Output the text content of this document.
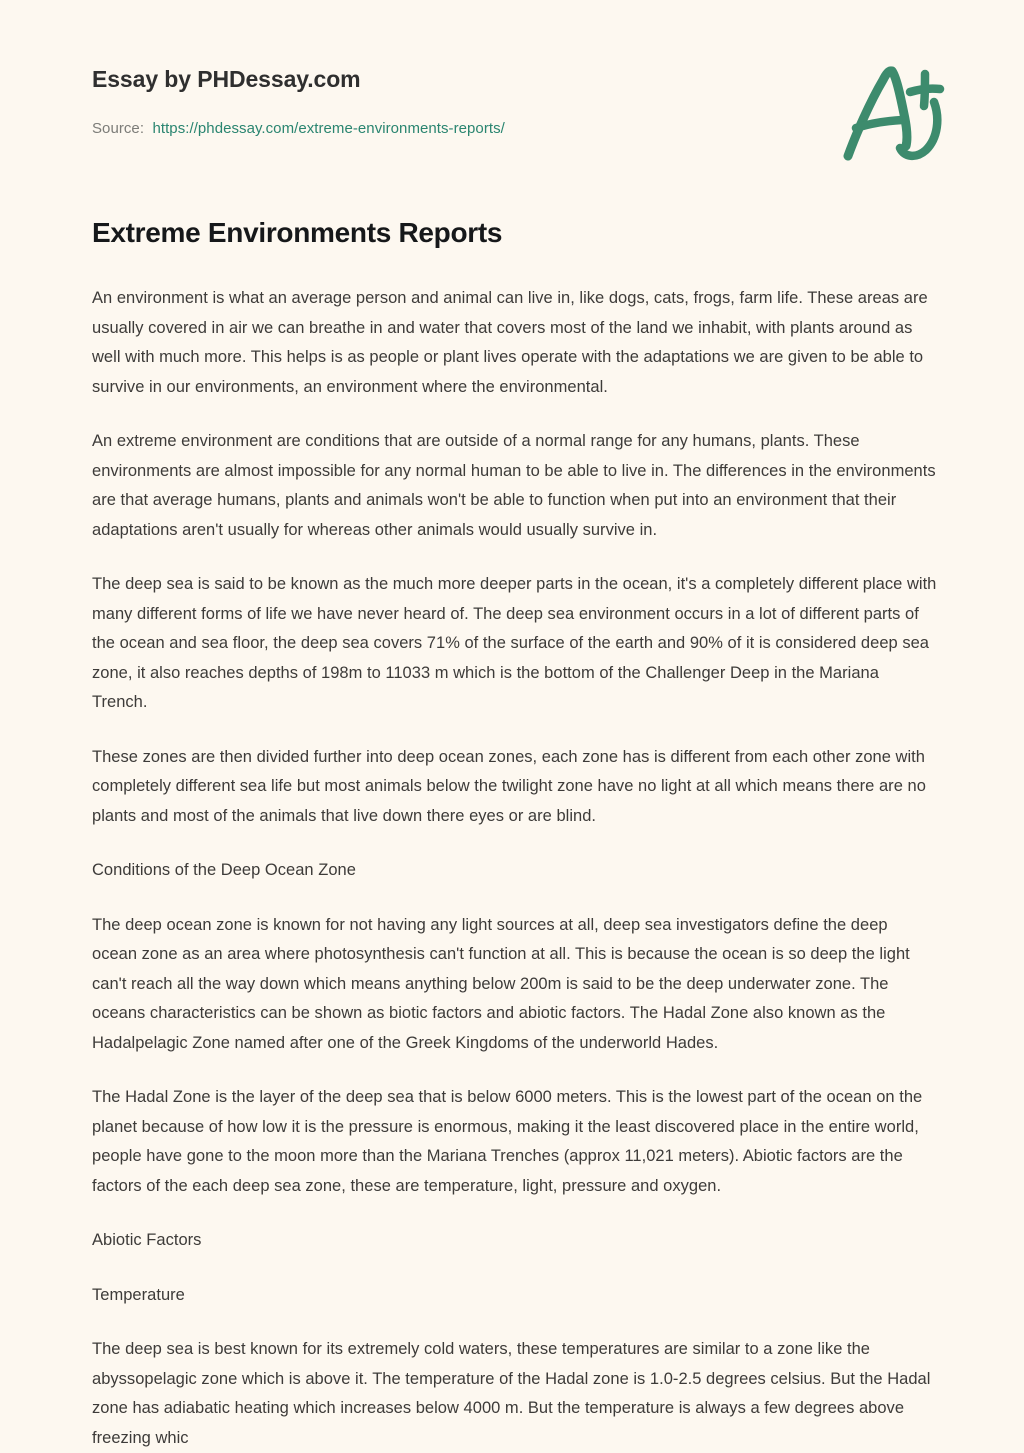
Essay by PHDessay.com
Source: https://phdessay.com/extreme-environments-reports/
Extreme Environments Reports

An environment is what an average person and animal can live in, like dogs, cats, frogs, farm life. These areas are usually covered in air we can breathe in and water that covers most of the land we inhabit, with plants around as well with much more. This helps is as people or plant lives operate with the adaptations we are given to be able to survive in our environments, an environment where the environmental.

An extreme environment are conditions that are outside of a normal range for any humans, plants. These environments are almost impossible for any normal human to be able to live in. The differences in the environments are that average humans, plants and animals won't be able to function when put into an environment that their adaptations aren't usually for whereas other animals would usually survive in.

The deep sea is said to be known as the much more deeper parts in the ocean, it's a completely different place with many different forms of life we have never heard of. The deep sea environment occurs in a lot of different parts of the ocean and sea floor, the deep sea covers 71% of the surface of the earth and 90% of it is considered deep sea zone, it also reaches depths of 198m to 11033 m which is the bottom of the Challenger Deep in the Mariana Trench.

These zones are then divided further into deep ocean zones, each zone has is different from each other zone with completely different sea life but most animals below the twilight zone have no light at all which means there are no plants and most of the animals that live down there eyes or are blind.

Conditions of the Deep Ocean Zone

The deep ocean zone is known for not having any light sources at all, deep sea investigators define the deep ocean zone as an area where photosynthesis can't function at all. This is because the ocean is so deep the light can't reach all the way down which means anything below 200m is said to be the deep underwater zone. The oceans characteristics can be shown as biotic factors and abiotic factors. The Hadal Zone also known as the Hadalpelagic Zone named after one of the Greek Kingdoms of the underworld Hades.

The Hadal Zone is the layer of the deep sea that is below 6000 meters. This is the lowest part of the ocean on the planet because of how low it is the pressure is enormous, making it the least discovered place in the entire world, people have gone to the moon more than the Mariana Trenches (approx 11,021 meters). Abiotic factors are the factors of the each deep sea zone, these are temperature, light, pressure and oxygen.

Abiotic Factors

Temperature

The deep sea is best known for its extremely cold waters, these temperatures are similar to a zone like the abyssopelagic zone which is above it. The temperature of the Hadal zone is 1.0-2.5 degrees celsius. But the Hadal zone has adiabatic heating which increases below 4000 m. But the temperature is always a few degrees above freezing whic
